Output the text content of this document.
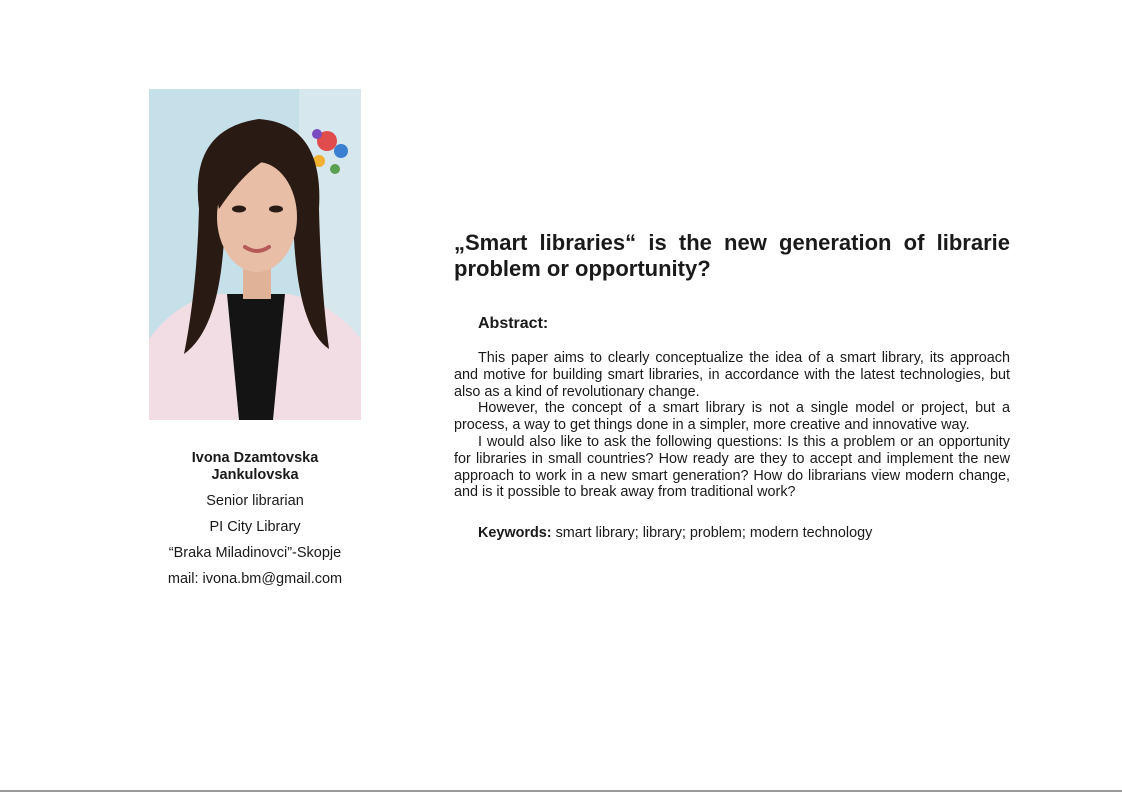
Ivona Dzamtovska
Jankulovska
Senior librarian
PI City Library
“Braka Miladinovci”-Skopje
mail: ivona.bm@gmail.com
„Smart libraries“ is the new generation of librarie problem or opportunity?
Abstract:

This paper aims to clearly conceptualize the idea of a smart library, its approach and motive for building smart libraries, in accordance with the latest technologies, but also as a kind of revolutionary change.

However, the concept of a smart library is not a single model or project, but a process, a way to get things done in a simpler, more creative and innovative way.

I would also like to ask the following questions: Is this a problem or an opportunity for libraries in small countries? How ready are they to accept and implement the new approach to work in a new smart generation? How do librarians view modern change, and is it possible to break away from traditional work?

Keywords: smart library; library; problem; modern technology
